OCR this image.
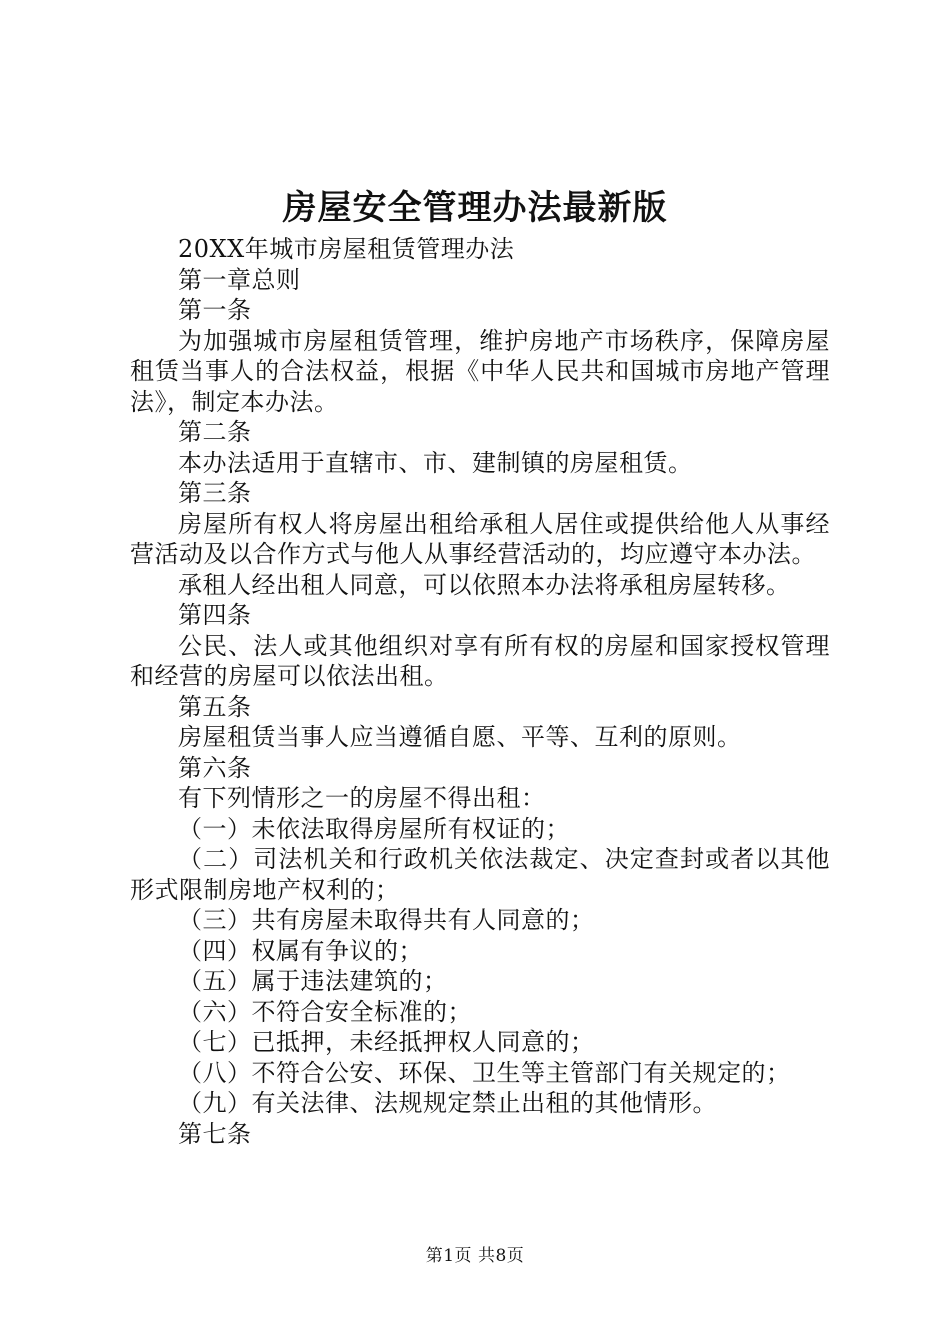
房屋安全管理办法最新版

20XX年城市房屋租赁管理办法

第一章总则

第一条

为加强城市房屋租赁管理，维护房地产市场秩序，保障房屋租赁当事人的合法权益，根据《中华人民共和国城市房地产管理法》，制定本办法。

第二条

本办法适用于直辖市、市、建制镇的房屋租赁。

第三条

房屋所有权人将房屋出租给承租人居住或提供给他人从事经营活动及以合作方式与他人从事经营活动的，均应遵守本办法。

承租人经出租人同意，可以依照本办法将承租房屋转移。

第四条

公民、法人或其他组织对享有所有权的房屋和国家授权管理和经营的房屋可以依法出租。

第五条

房屋租赁当事人应当遵循自愿、平等、互利的原则。

第六条

有下列情形之一的房屋不得出租：

（一）未依法取得房屋所有权证的；

（二）司法机关和行政机关依法裁定、决定查封或者以其他形式限制房地产权利的；

（三）共有房屋未取得共有人同意的；

（四）权属有争议的；

（五）属于违法建筑的；

（六）不符合安全标准的；

（七）已抵押，未经抵押权人同意的；

（八）不符合公安、环保、卫生等主管部门有关规定的；

（九）有关法律、法规规定禁止出租的其他情形。

第七条

第1页 共8页
